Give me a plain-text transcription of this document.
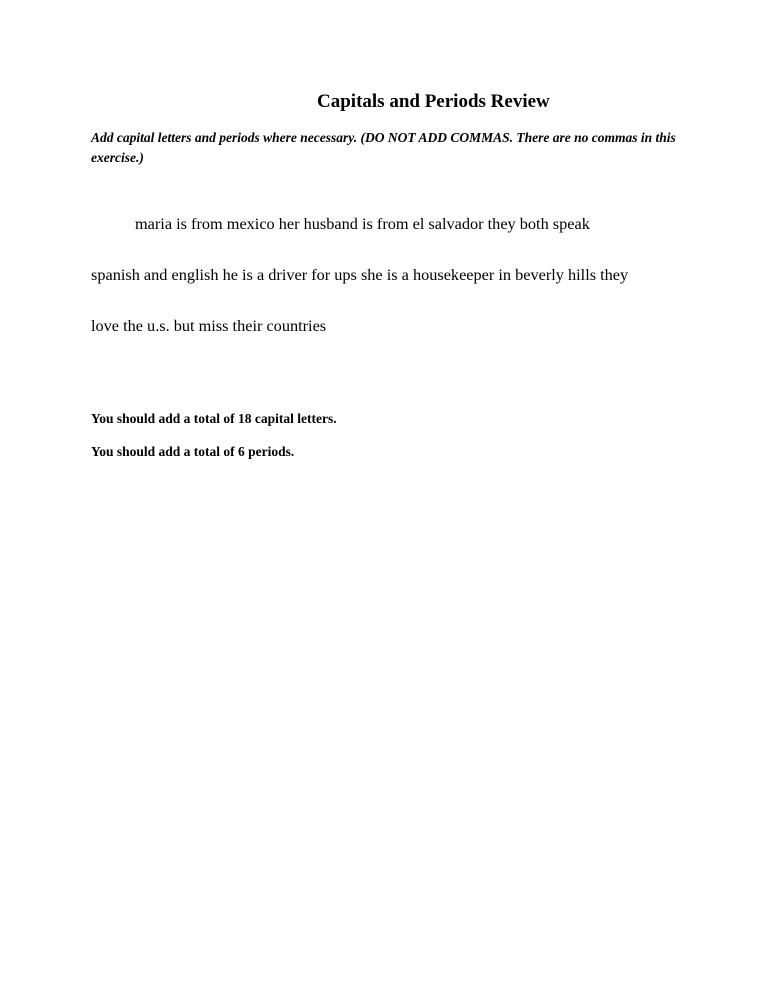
Capitals and Periods Review

Add capital letters and periods where necessary. (DO NOT ADD COMMAS. There are no commas in this exercise.)

maria is from mexico her husband is from el salvador they both speak

spanish and english he is a driver for ups she is a housekeeper in beverly hills they

love the u.s. but miss their countries

You should add a total of 18 capital letters.

You should add a total of 6 periods.
